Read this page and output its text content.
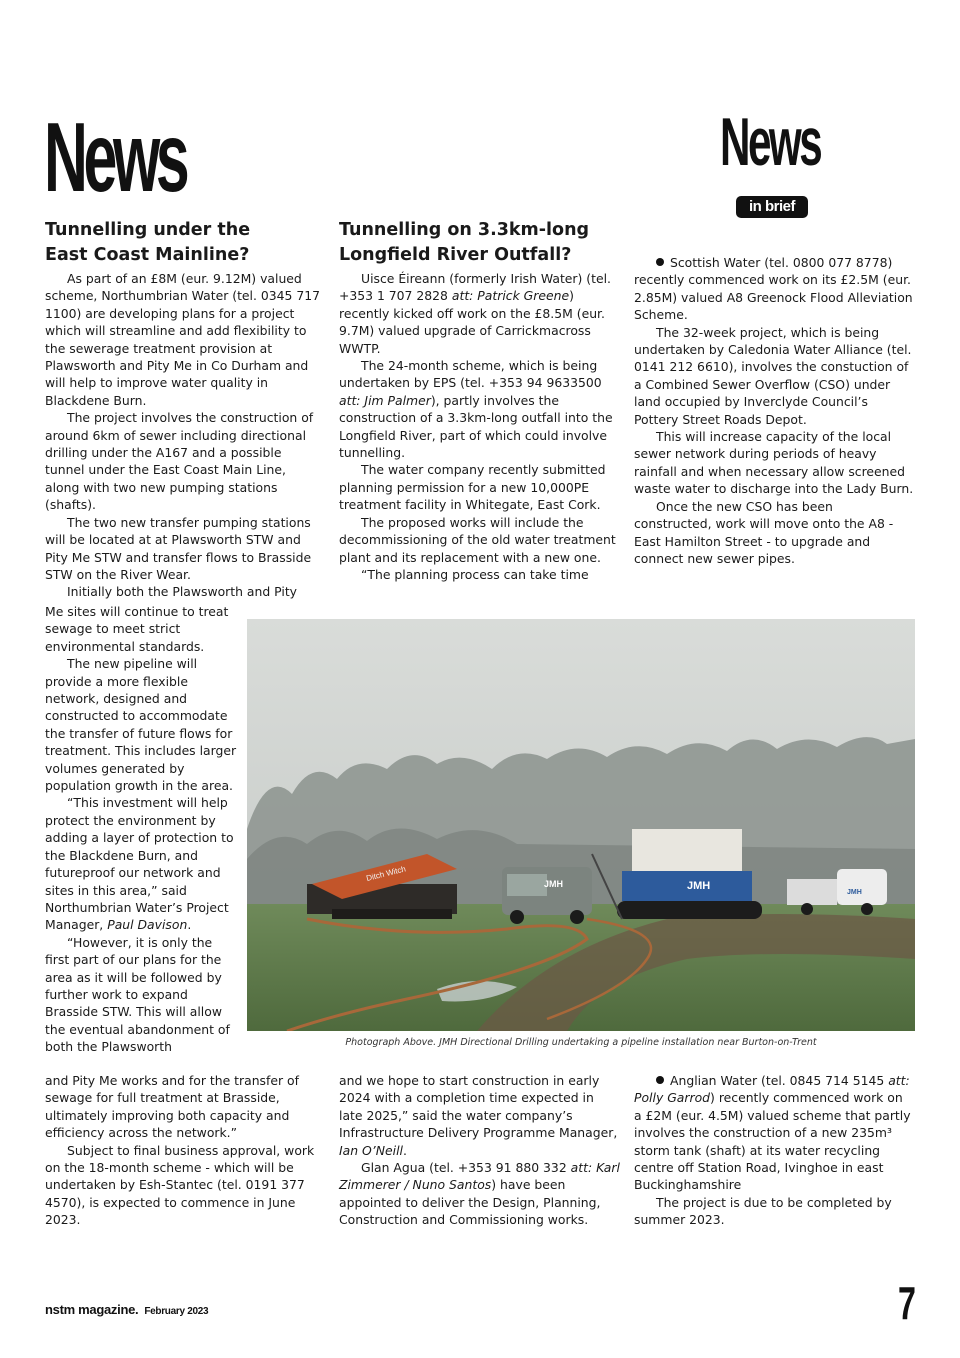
News	News
in brief
Tunnelling under the
East Coast Mainline?

As part of an £8M (eur. 9.12M) valued scheme, Northumbrian Water (tel. 0345 717 1100) are developing plans for a project which will streamline and add flexibility to the sewerage treatment provision at Plawsworth and Pity Me in Co Durham and will help to improve water quality in Blackdene Burn.

The project involves the construction of around 6km of sewer including directional drilling under the A167 and a possible tunnel under the East Coast Main Line, along with two new pumping stations (shafts).

The two new transfer pumping stations will be located at at Plawsworth STW and Pity Me STW and transfer flows to Brasside STW on the River Wear.

Initially both the Plawsworth and Pity

Me sites will continue to treat sewage to meet strict environmental standards.

The new pipeline will provide a more flexible network, designed and constructed to accommodate the transfer of future flows for treatment. This includes larger volumes generated by population growth in the area.

“This investment will help protect the environment by adding a layer of protection to the Blackdene Burn, and futureproof our network and sites in this area,” said Northumbrian Water’s Project Manager, Paul Davison.

“However, it is only the first part of our plans for the area as it will be followed by further work to expand Brasside STW. This will allow the eventual abandonment of both the Plawsworth

and Pity Me works and for the transfer of sewage for full treatment at Brasside, ultimately improving both capacity and efficiency across the network.”

Subject to final business approval, work on the 18-month scheme - which will be undertaken by Esh-Stantec (tel. 0191 377 4570), is expected to commence in June 2023.

Tunnelling on 3.3km-long
Longfield River Outfall?

Uisce Éireann (formerly Irish Water) (tel. +353 1 707 2828 att: Patrick Greene) recently kicked off work on the £8.5M (eur. 9.7M) valued upgrade of Carrickmacross WWTP.

The 24-month scheme, which is being undertaken by EPS (tel. +353 94 9633500 att: Jim Palmer), partly involves the construction of a 3.3km-long outfall into the Longfield River, part of which could involve tunnelling.

The water company recently submitted planning permission for a new 10,000PE treatment facility in Whitegate, East Cork.

The proposed works will include the decommissioning of the old water treatment plant and its replacement with a new one.

“The planning process can take time

and we hope to start construction in early 2024 with a completion time expected in late 2025,” said the water company’s Infrastructure Delivery Programme Manager, Ian O’Neill.

Glan Agua (tel. +353 91 880 332 att: Karl Zimmerer / Nuno Santos) have been appointed to deliver the Design, Planning, Construction and Commissioning works.

Scottish Water (tel. 0800 077 8778) recently commenced work on its £2.5M (eur. 2.85M) valued A8 Greenock Flood Alleviation Scheme.

The 32-week project, which is being undertaken by Caledonia Water Alliance (tel. 0141 212 6610), involves the constuction of a Combined Sewer Overflow (CSO) under land occupied by Inverclyde Council’s Pottery Street Roads Depot.

This will increase capacity of the local sewer network during periods of heavy rainfall and when necessary allow screened waste water to discharge into the Lady Burn.

Once the new CSO has been constructed, work will move onto the A8 - East Hamilton Street - to upgrade and connect new sewer pipes.

Anglian Water (tel. 0845 714 5145 att: Polly Garrod) recently commenced work on a £2M (eur. 4.5M) valued scheme that partly involves the construction of a new 235m³ storm tank (shaft) at its water recycling centre off Station Road, Ivinghoe in east Buckinghamshire

The project is due to be completed by summer 2023.

Ditch Witch
JMH	JMH
JMH
Photograph Above. JMH Directional Drilling undertaking a pipeline installation near Burton-on-Trent
nstm magazine. February 2023	7
